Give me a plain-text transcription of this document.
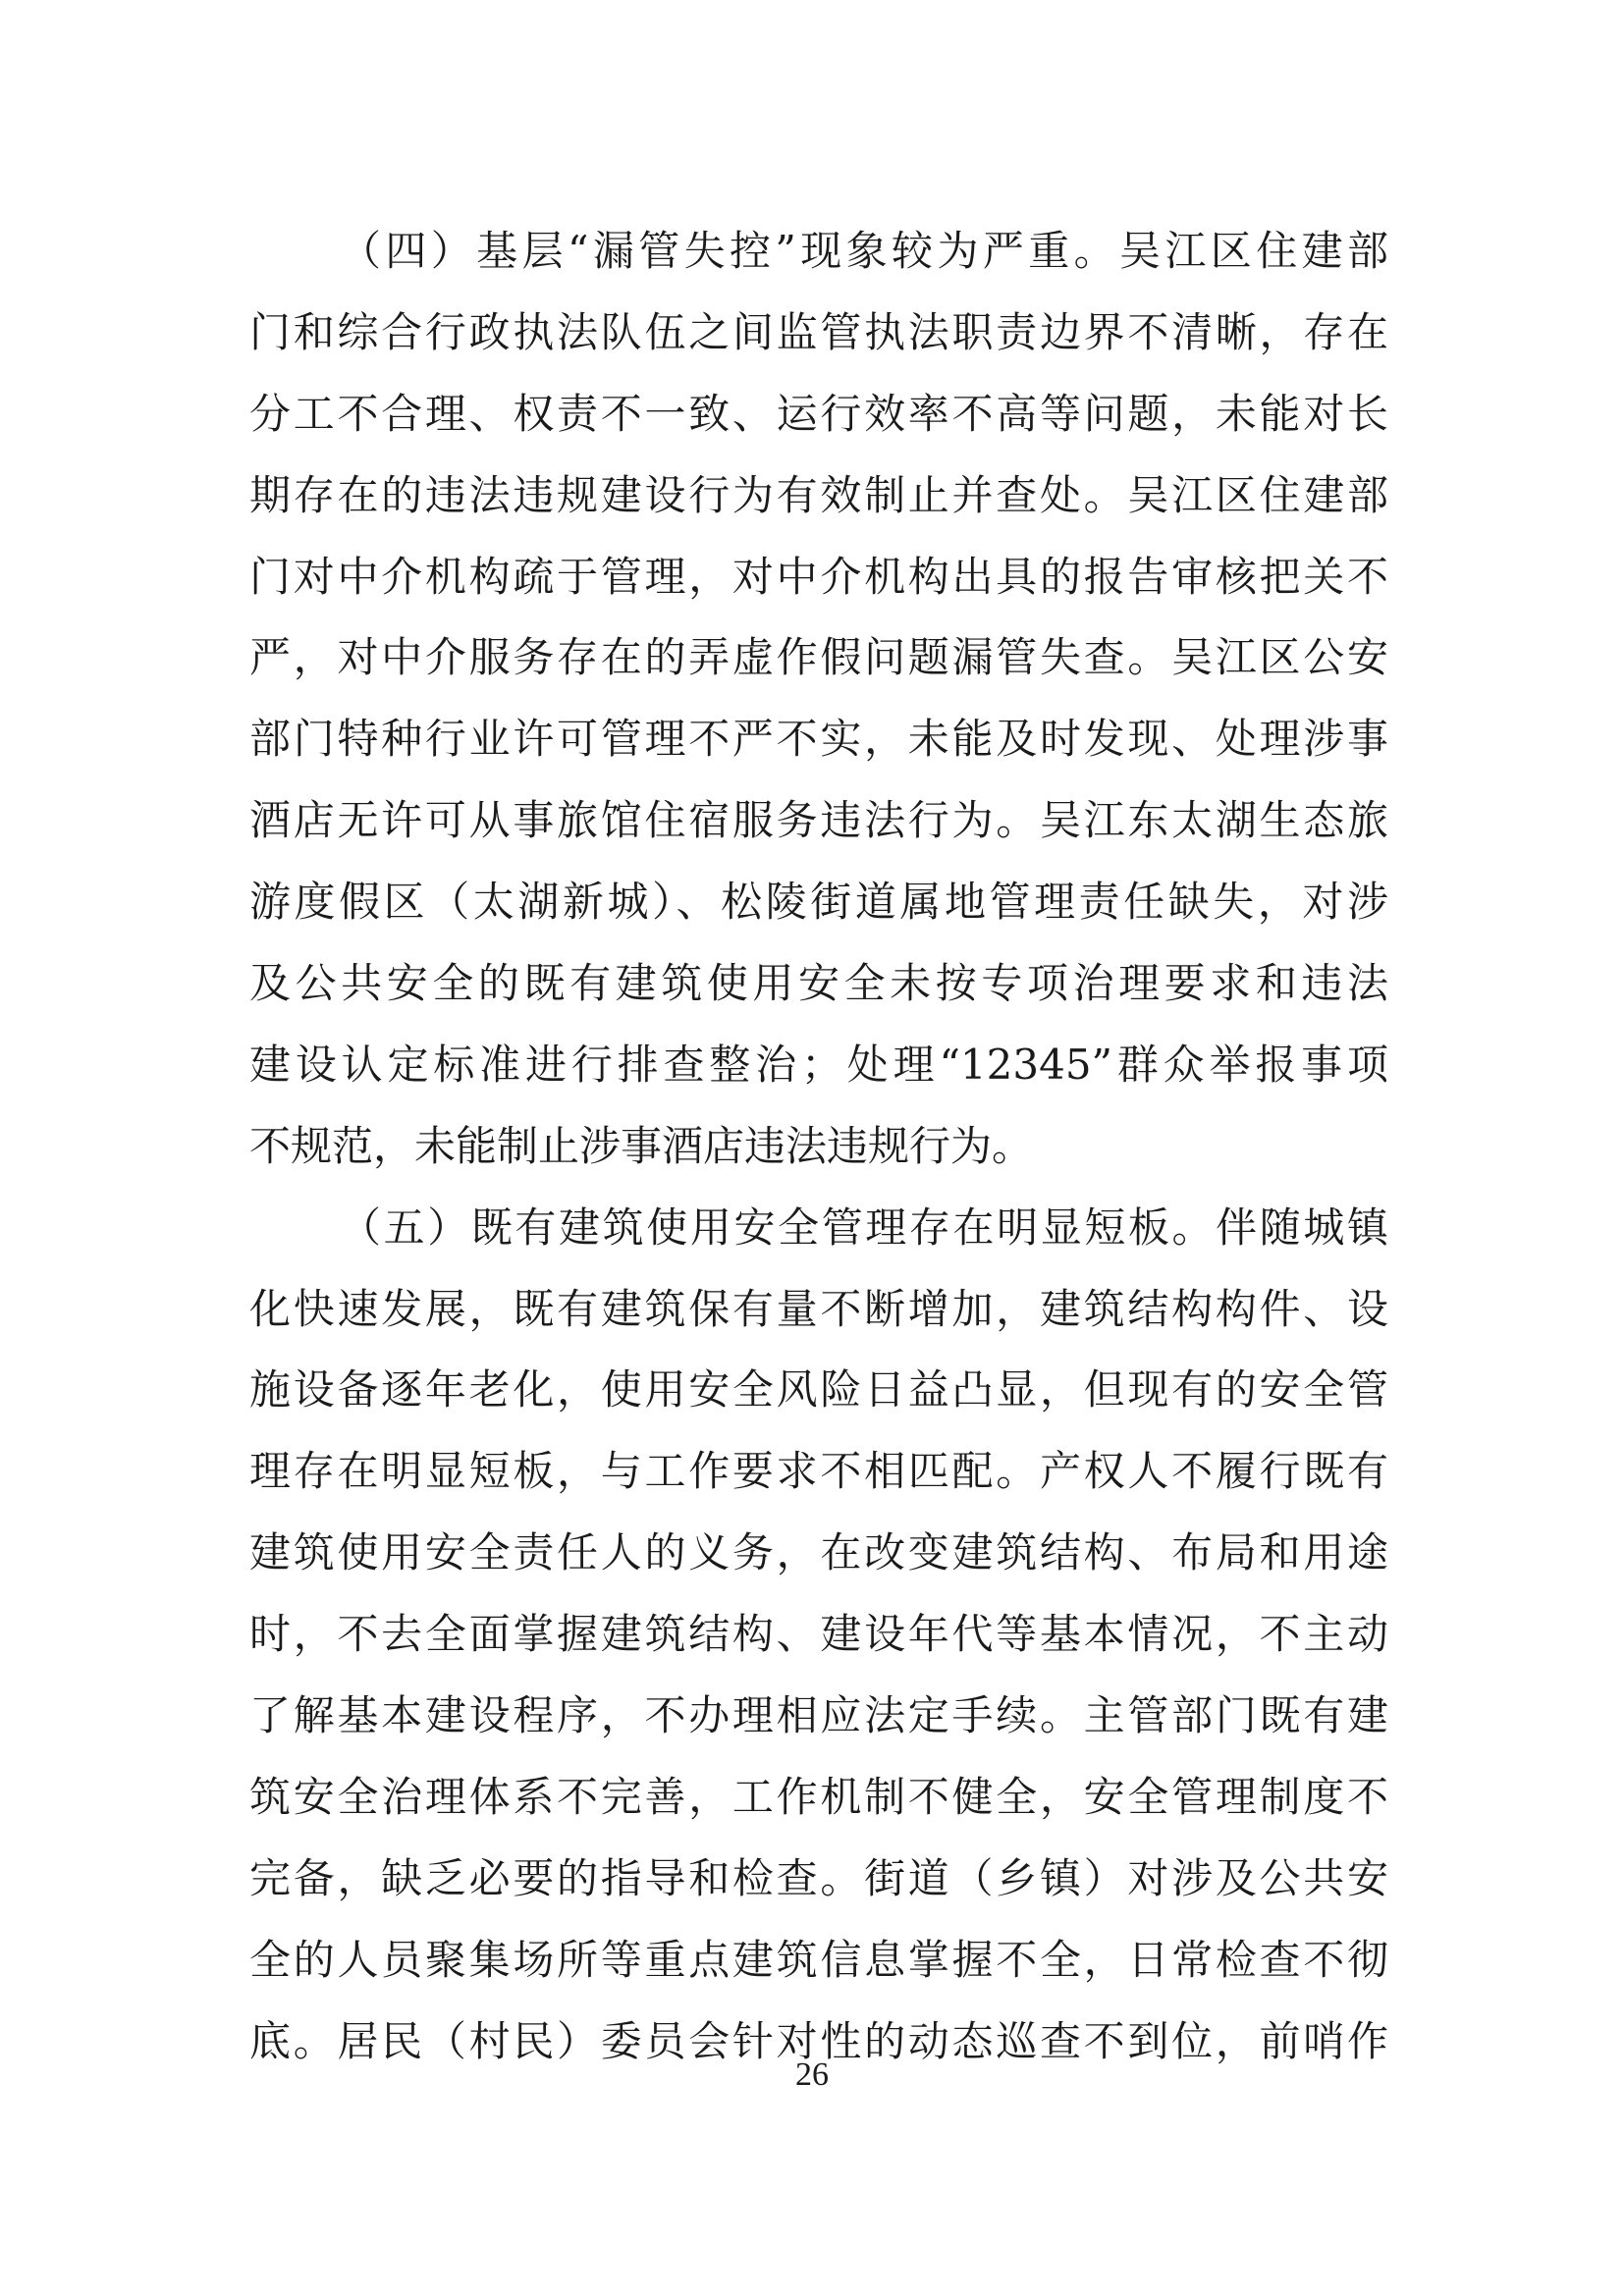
（四）基层“漏管失控”现象较为严重。吴江区住建部
门和综合行政执法队伍之间监管执法职责边界不清晰，存在
分工不合理、权责不一致、运行效率不高等问题，未能对长
期存在的违法违规建设行为有效制止并查处。吴江区住建部
门对中介机构疏于管理，对中介机构出具的报告审核把关不
严，对中介服务存在的弄虚作假问题漏管失查。吴江区公安
部门特种行业许可管理不严不实，未能及时发现、处理涉事
酒店无许可从事旅馆住宿服务违法行为。吴江东太湖生态旅
游度假区（太湖新城）、松陵街道属地管理责任缺失，对涉
及公共安全的既有建筑使用安全未按专项治理要求和违法
建设认定标准进行排查整治；处理“12345”群众举报事项
不规范，未能制止涉事酒店违法违规行为。
（五）既有建筑使用安全管理存在明显短板。伴随城镇
化快速发展，既有建筑保有量不断增加，建筑结构构件、设
施设备逐年老化，使用安全风险日益凸显，但现有的安全管
理存在明显短板，与工作要求不相匹配。产权人不履行既有
建筑使用安全责任人的义务，在改变建筑结构、布局和用途
时，不去全面掌握建筑结构、建设年代等基本情况，不主动
了解基本建设程序，不办理相应法定手续。主管部门既有建
筑安全治理体系不完善，工作机制不健全，安全管理制度不
完备，缺乏必要的指导和检查。街道（乡镇）对涉及公共安
全的人员聚集场所等重点建筑信息掌握不全，日常检查不彻
底。居民（村民）委员会针对性的动态巡查不到位，前哨作
26
